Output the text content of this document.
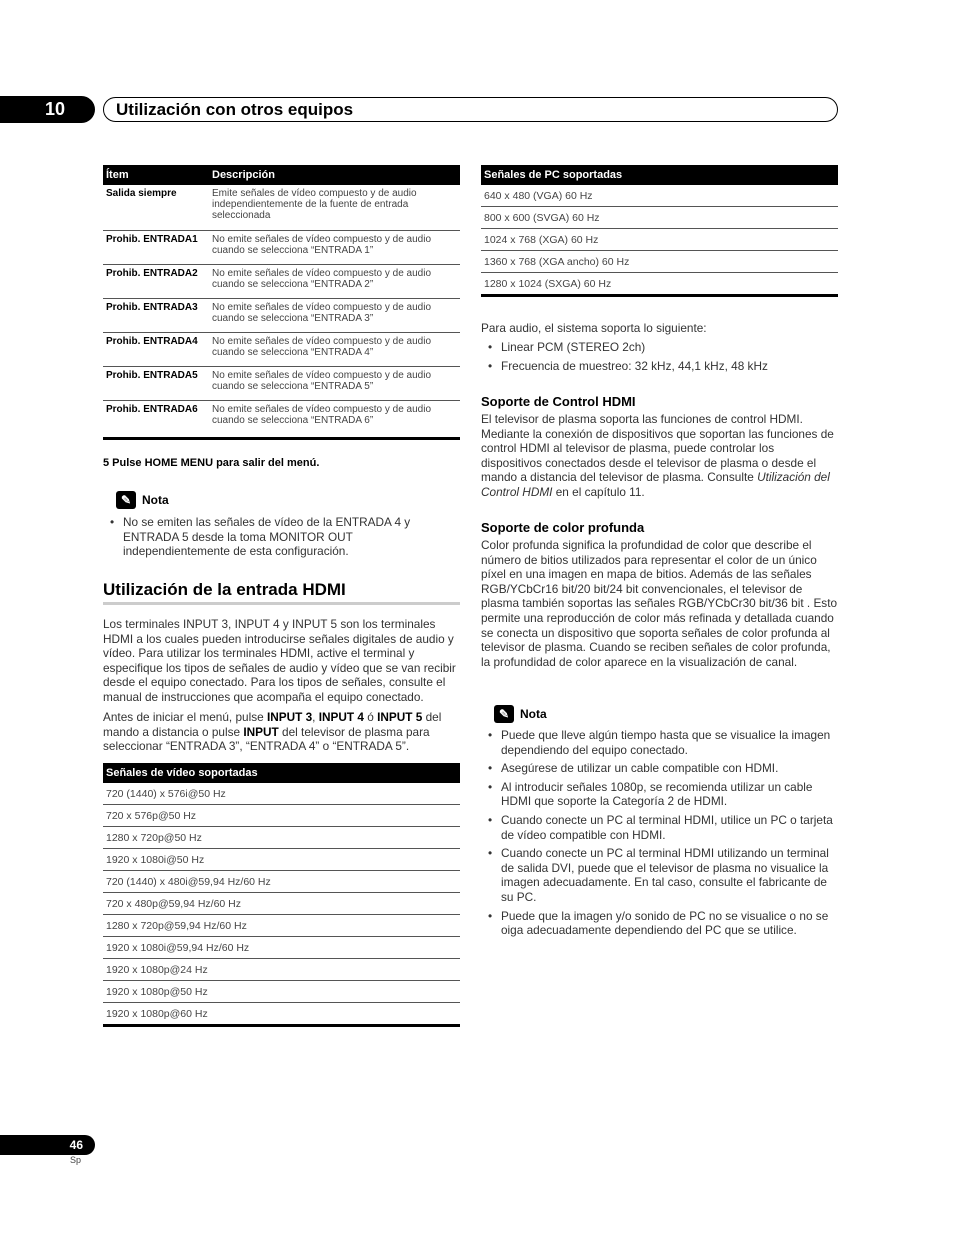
10	Utilización con otros equipos
Ítem	Descripción
Salida siempre	Emite señales de vídeo compuesto y de audio independientemente de la fuente de entrada seleccionada
Prohib. ENTRADA1	No emite señales de vídeo compuesto y de audio cuando se selecciona “ENTRADA 1”
Prohib. ENTRADA2	No emite señales de vídeo compuesto y de audio cuando se selecciona “ENTRADA 2”
Prohib. ENTRADA3	No emite señales de vídeo compuesto y de audio cuando se selecciona “ENTRADA 3”
Prohib. ENTRADA4	No emite señales de vídeo compuesto y de audio cuando se selecciona “ENTRADA 4”
Prohib. ENTRADA5	No emite señales de vídeo compuesto y de audio cuando se selecciona “ENTRADA 5”
Prohib. ENTRADA6	No emite señales de vídeo compuesto y de audio cuando se selecciona “ENTRADA 6”
5 Pulse HOME MENU para salir del menú.
✎ Nota
• No se emiten las señales de vídeo de la ENTRADA 4 y ENTRADA 5 desde la toma MONITOR OUT independientemente de esta configuración.
Utilización de la entrada HDMI
Los terminales INPUT 3, INPUT 4 y INPUT 5 son los terminales HDMI a los cuales pueden introducirse señales digitales de audio y vídeo. Para utilizar los terminales HDMI, active el terminal y especifique los tipos de señales de audio y vídeo que se van recibir desde el equipo conectado. Para los tipos de señales, consulte el manual de instrucciones que acompaña el equipo conectado.
Antes de iniciar el menú, pulse INPUT 3, INPUT 4 ó INPUT 5 del mando a distancia o pulse INPUT del televisor de plasma para seleccionar “ENTRADA 3”, “ENTRADA 4” o “ENTRADA 5”.
Señales de vídeo soportadas
720 (1440) x 576i@50 Hz
720 x 576p@50 Hz
1280 x 720p@50 Hz
1920 x 1080i@50 Hz
720 (1440) x 480i@59,94 Hz/60 Hz
720 x 480p@59,94 Hz/60 Hz
1280 x 720p@59,94 Hz/60 Hz
1920 x 1080i@59,94 Hz/60 Hz
1920 x 1080p@24 Hz
1920 x 1080p@50 Hz
1920 x 1080p@60 Hz
Señales de PC soportadas
640 x 480 (VGA) 60 Hz
800 x 600 (SVGA) 60 Hz
1024 x 768 (XGA) 60 Hz
1360 x 768 (XGA ancho) 60 Hz
1280 x 1024 (SXGA) 60 Hz
Para audio, el sistema soporta lo siguiente:
• Linear PCM (STEREO 2ch)
• Frecuencia de muestreo: 32 kHz, 44,1 kHz, 48 kHz
Soporte de Control HDMI
El televisor de plasma soporta las funciones de control HDMI. Mediante la conexión de dispositivos que soportan las funciones de control HDMI al televisor de plasma, puede controlar los dispositivos conectados desde el televisor de plasma o desde el mando a distancia del televisor de plasma. Consulte Utilización del Control HDMI en el capítulo 11.
Soporte de color profunda
Color profunda significa la profundidad de color que describe el número de bitios utilizados para representar el color de un único píxel en una imagen en mapa de bitios. Además de las señales RGB/YCbCr16 bit/20 bit/24 bit convencionales, el televisor de plasma también soportas las señales RGB/YCbCr30 bit/36 bit . Esto permite una reproducción de color más refinada y detallada cuando se conecta un dispositivo que soporta señales de color profunda al televisor de plasma. Cuando se reciben señales de color profunda, la profundidad de color aparece en la visualización de canal.
✎ Nota
• Puede que lleve algún tiempo hasta que se visualice la imagen dependiendo del equipo conectado.
• Asegúrese de utilizar un cable compatible con HDMI.
• Al introducir señales 1080p, se recomienda utilizar un cable HDMI que soporte la Categoría 2 de HDMI.
• Cuando conecte un PC al terminal HDMI, utilice un PC o tarjeta de vídeo compatible con HDMI.
• Cuando conecte un PC al terminal HDMI utilizando un terminal de salida DVI, puede que el televisor de plasma no visualice la imagen adecuadamente. En tal caso, consulte el fabricante de su PC.
• Puede que la imagen y/o sonido de PC no se visualice o no se oiga adecuadamente dependiendo del PC que se utilice.
46
Sp
